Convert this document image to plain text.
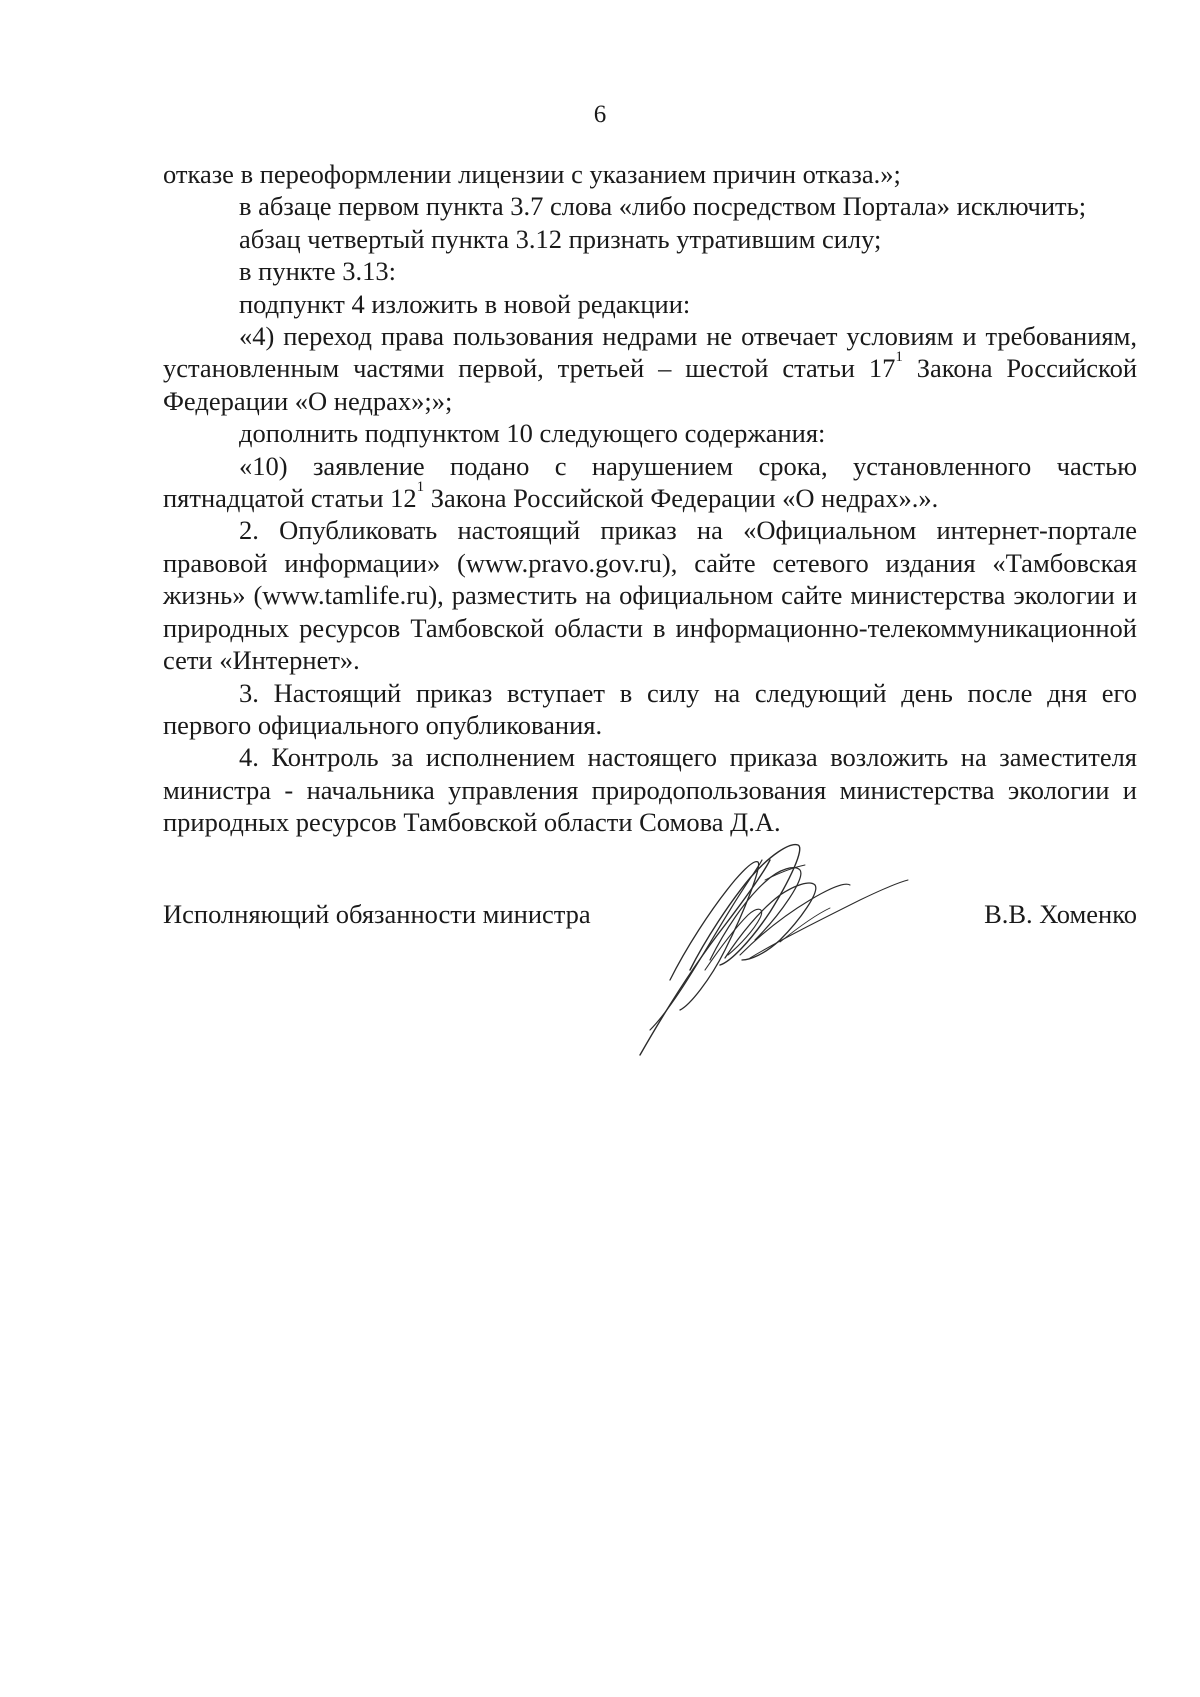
6

отказе в переоформлении лицензии с указанием причин отказа.»;

в абзаце первом пункта 3.7 слова «либо посредством Портала» исключить;

абзац четвертый пункта 3.12 признать утратившим силу;

в пункте 3.13:

подпункт 4 изложить в новой редакции:

«4) переход права пользования недрами не отвечает условиям и требованиям, установленным частями первой, третьей – шестой статьи $17^1$ Закона Российской Федерации «О недрах»;»;

дополнить подпунктом 10 следующего содержания:

«10) заявление подано с нарушением срока, установленного частью пятнадцатой статьи $12^1$ Закона Российской Федерации «О недрах».».

2. Опубликовать настоящий приказ на «Официальном интернет-портале правовой информации» (www.pravo.gov.ru), сайте сетевого издания «Тамбовская жизнь» (www.tamlife.ru), разместить на официальном сайте министерства экологии и природных ресурсов Тамбовской области в информационно-телекоммуникационной сети «Интернет».

3. Настоящий приказ вступает в силу на следующий день после дня его первого официального опубликования.

4. Контроль за исполнением настоящего приказа возложить на заместителя министра - начальника управления природопользования министерства экологии и природных ресурсов Тамбовской области Сомова Д.А.

Исполняющий обязанности министра	В.В. Хоменко
